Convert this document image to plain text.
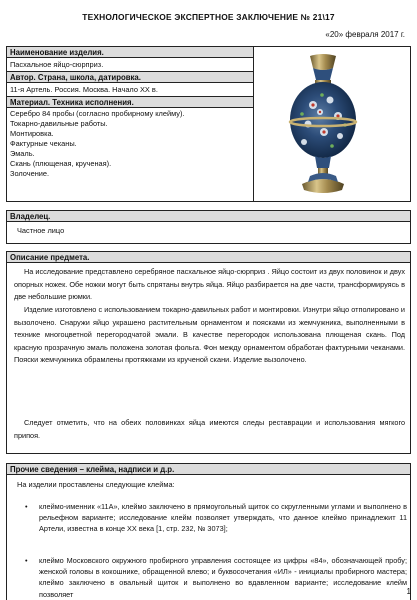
ТЕХНОЛОГИЧЕСКОЕ ЭКСПЕРТНОЕ ЗАКЛЮЧЕНИЕ № 21\17
«20» февраля 2017 г.
Наименование изделия.
Пасхальное яйцо-сюрприз.
Автор. Страна, школа, датировка.
11-я Артель. Россия. Москва. Начало XX в.
Материал. Техника исполнения.
Серебро 84 пробы (согласно пробирному клейму).
Токарно-давильные работы.
Монтировка.
Фактурные чеканы.
Эмаль.
Скань (плющеная, крученая).
Золочение.
Владелец.
Частное лицо
Описание предмета.
На исследование представлено серебряное пасхальное яйцо-сюрприз . Яйцо состоит из двух половинок и двух опорных ножек. Обе ножки могут быть спрятаны внутрь яйца. Яйцо разбирается на две части, трансформируясь в две небольшие рюмки.
Изделие изготовлено с использованием токарно-давильных работ и монтировки. Изнутри яйцо отполировано и вызолочено. Снаружи яйцо украшено растительным орнаментом и поясками из жемчужника, выполненными в технике многоцветной перегородчатой эмали. В качестве перегородок использована плющеная скань. Под красную прозрачную эмаль положена золотая фольга. Фон между орнаментом обработан фактурными чеканами. Пояски жемчужника обрамлены протяжками из крученой скани. Изделие вызолочено.
Следует отметить, что на обеих половинках яйца имеются следы реставрации и использования мягкого припоя.
Прочие сведения – клейма, надписи и д.р.
На изделии проставлены следующие клейма:
• клеймо-именник «11А», клеймо заключено в прямоугольный щиток со скругленными углами и выполнено в рельефном варианте; исследование клейм позволяет утверждать, что данное клеймо принадлежит 11 Артели, известна в конце XX века [1, стр. 232, № 3073];
• клеймо Московского окружного пробирного управления состоящее из цифры «84», обозначающей пробу; женской головы в кокошнике, обращенной влево; и буквосочетания «ИЛ» - инициалы пробирного мастера; клеймо заключено в овальный щиток и выполнено во вдавленном варианте; исследование клейм позволяет	1
